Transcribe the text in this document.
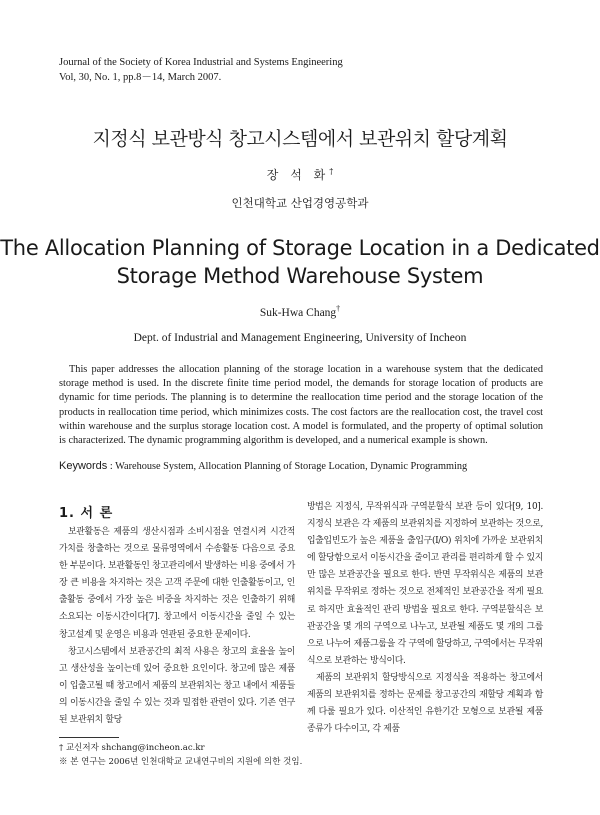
Journal of the Society of Korea Industrial and Systems Engineering
Vol, 30, No. 1, pp.8－14, March 2007.
지정식 보관방식 창고시스템에서 보관위치 할당계획
장 석 화†
인천대학교 산업경영공학과
The Allocation Planning of Storage Location in a Dedicated
Storage Method Warehouse System
Suk-Hwa Chang†
Dept. of Industrial and Management Engineering, University of Incheon
This paper addresses the allocation planning of the storage location in a warehouse system that the dedicated storage method is used. In the discrete finite time period model, the demands for storage location of products are dynamic for time periods. The planning is to determine the reallocation time period and the storage location of the products in reallocation time period, which minimizes costs. The cost factors are the reallocation cost, the travel cost within warehouse and the surplus storage location cost. A model is formulated, and the property of optimal solution is characterized. The dynamic programming algorithm is developed, and a numerical example is shown.
Keywords : Warehouse System, Allocation Planning of Storage Location, Dynamic Programming
1. 서 론

보관활동은 제품의 생산시점과 소비시점을 연결시켜 시간적 가치를 창출하는 것으로 물류영역에서 수송활동 다음으로 중요한 부분이다. 보관활동인 창고관리에서 발생하는 비용 중에서 가장 큰 비용을 차지하는 것은 고객 주문에 대한 인출활동이고, 인출활동 중에서 가장 높은 비중을 차지하는 것은 인출하기 위해 소요되는 이동시간이다[7]. 창고에서 이동시간을 줄일 수 있는 창고설계 및 운영은 비용과 연관된 중요한 문제이다.

창고시스템에서 보관공간의 최적 사용은 창고의 효율을 높이고 생산성을 높이는데 있어 중요한 요인이다. 창고에 많은 제품이 입출고될 때 창고에서 제품의 보관위치는 창고 내에서 제품들의 이동시간을 줄일 수 있는 것과 밀접한 관련이 있다. 기존 연구된 보관위치 할당

방법은 지정식, 무작위식과 구역분할식 보관 등이 있다[9, 10]. 지정식 보관은 각 제품의 보관위치를 지정하여 보관하는 것으로, 입출입빈도가 높은 제품을 출입구(I/O) 위치에 가까운 보관위치에 할당함으로서 이동시간을 줄이고 관리를 편리하게 할 수 있지만 많은 보관공간을 필요로 한다. 반면 무작위식은 제품의 보관위치를 무작위로 정하는 것으로 전체적인 보관공간을 적게 필요로 하지만 효율적인 관리 방법을 필요로 한다. 구역분할식은 보관공간을 몇 개의 구역으로 나누고, 보관될 제품도 몇 개의 그룹으로 나누어 제품그룹을 각 구역에 할당하고, 구역에서는 무작위식으로 보관하는 방식이다.

제품의 보관위치 할당방식으로 지정식을 적용하는 창고에서 제품의 보관위치를 정하는 문제를 창고공간의 재할당 계획과 함께 다룰 필요가 있다. 이산적인 유한기간 모형으로 보관될 제품 종류가 다수이고, 각 제품

† 교신저자 shchang@incheon.ac.kr
※ 본 연구는 2006년 인천대학교 교내연구비의 지원에 의한 것임.
